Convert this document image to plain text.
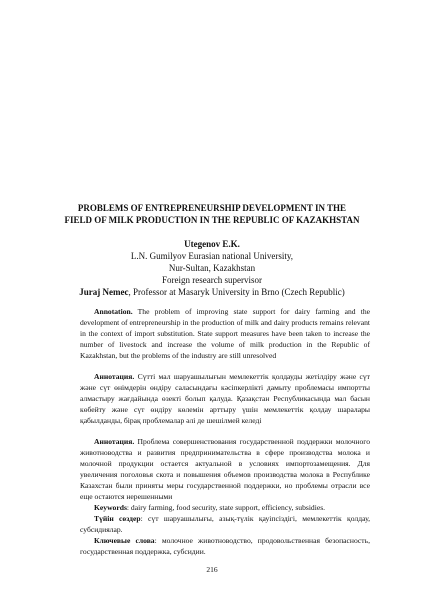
PROBLEMS OF ENTREPRENEURSHIP DEVELOPMENT IN THE
FIELD OF MILK PRODUCTION IN THE REPUBLIC OF KAZAKHSTAN
Utegenov E.K.
L.N. Gumilyov Eurasian national University,
Nur-Sultan, Kazakhstan
Foreign research supervisor
Juraj Nemec, Professor at Masaryk University in Brno (Czech Republic)
Annotation. The problem of improving state support for dairy farming and the development of entrepreneurship in the production of milk and dairy products remains relevant in the context of import substitution. State support measures have been taken to increase the number of livestock and increase the volume of milk production in the Republic of Kazakhstan, but the problems of the industry are still unresolved
Аннотация. Сүтті мал шаруашылығын мемлекеттік қолдауды жетілдіру және сүт және сүт өнімдерін өндіру саласындағы кәсіпкерлікті дамыту проблемасы импортты алмастыру жағдайында өзекті болып қалуда. Қазақстан Республикасында мал басын көбейту және сүт өндіру көлемін арттыру үшін мемлекеттік қолдау шаралары қабылданды, бірақ проблемалар әлі де шешілмей келеді
Аннотация. Проблема совершенствования государственной поддержки молочного животноводства и развития предпринимательства в сфере производства молока и молочной продукции остается актуальной в условиях импортозамещения. Для увеличения поголовья скота и повышения объемов производства молока в Республике Казахстан были приняты меры государственной поддержки, но проблемы отрасли все еще остаются нерешенными
Keywords: dairy farming, food security, state support, efficiency, subsidies.
Түйін сөздер: сүт шаруашылығы, азық-түлік қауіпсіздігі, мемлекеттік қолдау, субсидиялар.
Ключевые слова: молочное животноводство, продовольственная безопасность, государственная поддержка, субсидии.
216
